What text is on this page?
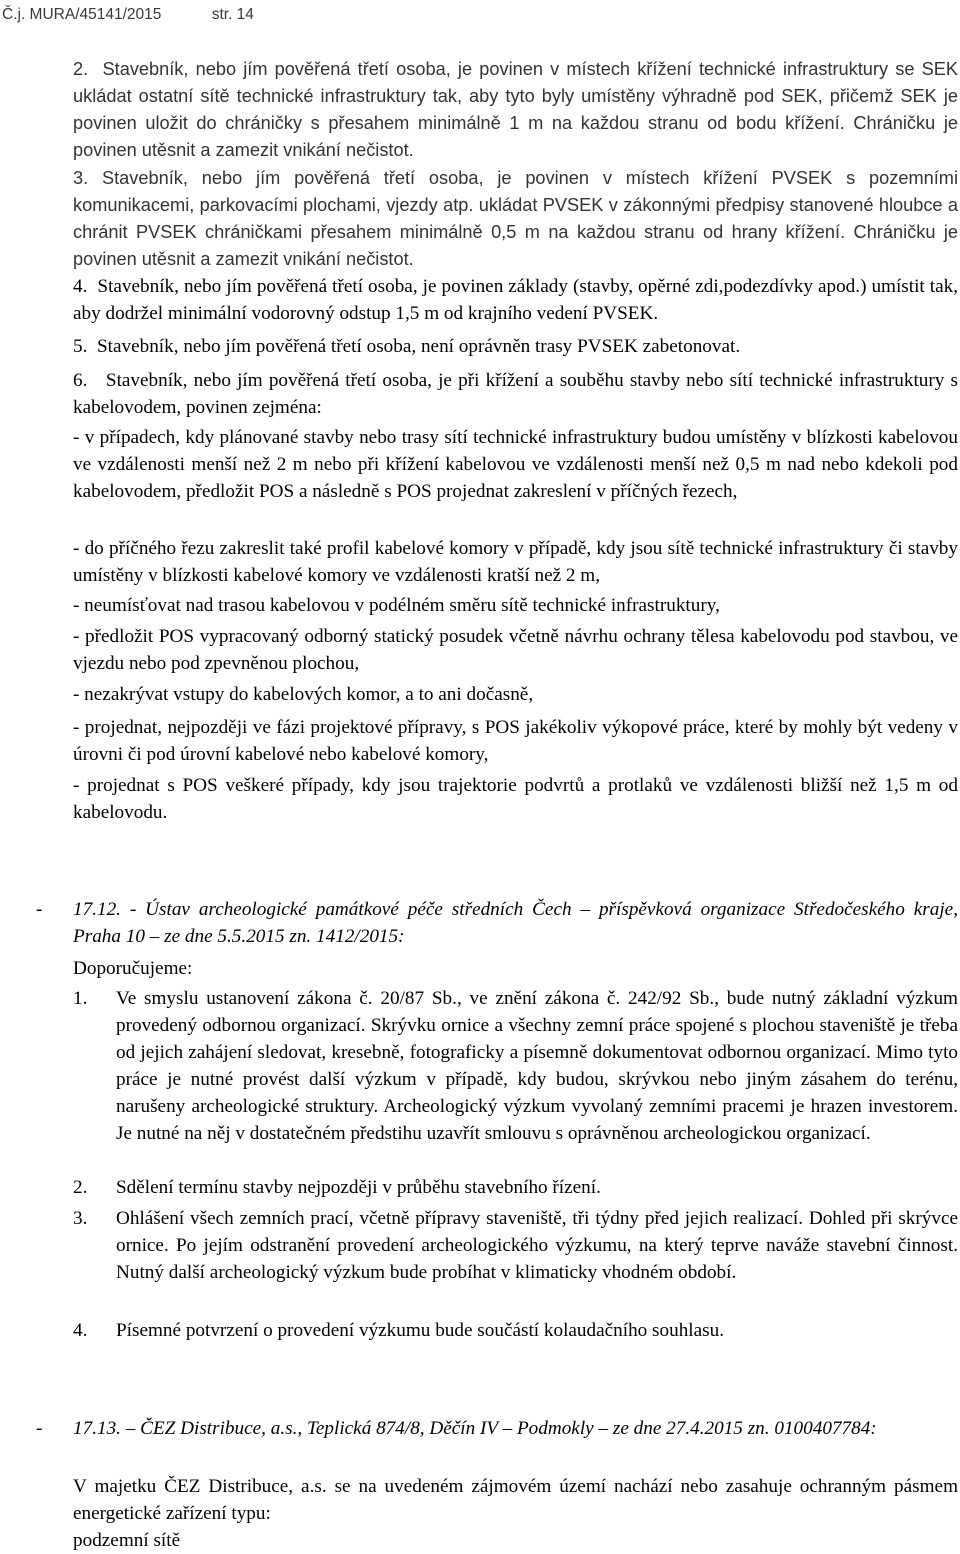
Č.j. MURA/45141/2015	str. 14
2. Stavebník, nebo jím pověřená třetí osoba, je povinen v místech křížení technické infrastruktury se SEK ukládat ostatní sítě technické infrastruktury tak, aby tyto byly umístěny výhradně pod SEK, přičemž SEK je povinen uložit do chráničky s přesahem minimálně 1 m na každou stranu od bodu křížení. Chráničku je povinen utěsnit a zamezit vnikání nečistot.
3. Stavebník, nebo jím pověřená třetí osoba, je povinen v místech křížení PVSEK s pozemními komunikacemi, parkovacími plochami, vjezdy atp. ukládat PVSEK v zákonnými předpisy stanovené hloubce a chránit PVSEK chráničkami přesahem minimálně 0,5 m na každou stranu od hrany křížení. Chráničku je povinen utěsnit a zamezit vnikání nečistot.
4. Stavebník, nebo jím pověřená třetí osoba, je povinen základy (stavby, opěrné zdi,podezdívky apod.) umístit tak, aby dodržel minimální vodorovný odstup 1,5 m od krajního vedení PVSEK.
5. Stavebník, nebo jím pověřená třetí osoba, není oprávněn trasy PVSEK zabetonovat.
6. Stavebník, nebo jím pověřená třetí osoba, je při křížení a souběhu stavby nebo sítí technické infrastruktury s kabelovodem, povinen zejména:
- v případech, kdy plánované stavby nebo trasy sítí technické infrastruktury budou umístěny v blízkosti kabelovou ve vzdálenosti menší než 2 m nebo při křížení kabelovou ve vzdálenosti menší než 0,5 m nad nebo kdekoli pod kabelovodem, předložit POS a následně s POS projednat zakreslení v příčných řezech,
- do příčného řezu zakreslit také profil kabelové komory v případě, kdy jsou sítě technické infrastruktury či stavby umístěny v blízkosti kabelové komory ve vzdálenosti kratší než 2 m,
- neumísťovat nad trasou kabelovou v podélném směru sítě technické infrastruktury,
- předložit POS vypracovaný odborný statický posudek včetně návrhu ochrany tělesa kabelovodu pod stavbou, ve vjezdu nebo pod zpevněnou plochou,
- nezakrývat vstupy do kabelových komor, a to ani dočasně,
- projednat, nejpozději ve fázi projektové přípravy, s POS jakékoliv výkopové práce, které by mohly být vedeny v úrovni či pod úrovní kabelové nebo kabelové komory,
- projednat s POS veškeré případy, kdy jsou trajektorie podvrtů a protlaků ve vzdálenosti bližší než 1,5 m od kabelovodu.
- 17.12. - Ústav archeologické památkové péče středních Čech – příspěvková organizace Středočeského kraje, Praha 10 – ze dne 5.5.2015 zn. 1412/2015:
Doporučujeme:
1. Ve smyslu ustanovení zákona č. 20/87 Sb., ve znění zákona č. 242/92 Sb., bude nutný základní výzkum provedený odbornou organizací. Skrývku ornice a všechny zemní práce spojené s plochou staveniště je třeba od jejich zahájení sledovat, kresebně, fotograficky a písemně dokumentovat odbornou organizací. Mimo tyto práce je nutné provést další výzkum v případě, kdy budou, skrývkou nebo jiným zásahem do terénu, narušeny archeologické struktury. Archeologický výzkum vyvolaný zemními pracemi je hrazen investorem. Je nutné na něj v dostatečném předstihu uzavřít smlouvu s oprávněnou archeologickou organizací.
2. Sdělení termínu stavby nejpozději v průběhu stavebního řízení.
3. Ohlášení všech zemních prací, včetně přípravy staveniště, tři týdny před jejich realizací. Dohled při skrývce ornice. Po jejím odstranění provedení archeologického výzkumu, na který teprve naváže stavební činnost. Nutný další archeologický výzkum bude probíhat v klimaticky vhodném období.
4. Písemné potvrzení o provedení výzkumu bude součástí kolaudačního souhlasu.
- 17.13. – ČEZ Distribuce, a.s., Teplická 874/8, Děčín IV – Podmokly – ze dne 27.4.2015 zn. 0100407784:
V majetku ČEZ Distribuce, a.s. se na uvedeném zájmovém území nachází nebo zasahuje ochranným pásmem energetické zařízení typu:
podzemní sítě
